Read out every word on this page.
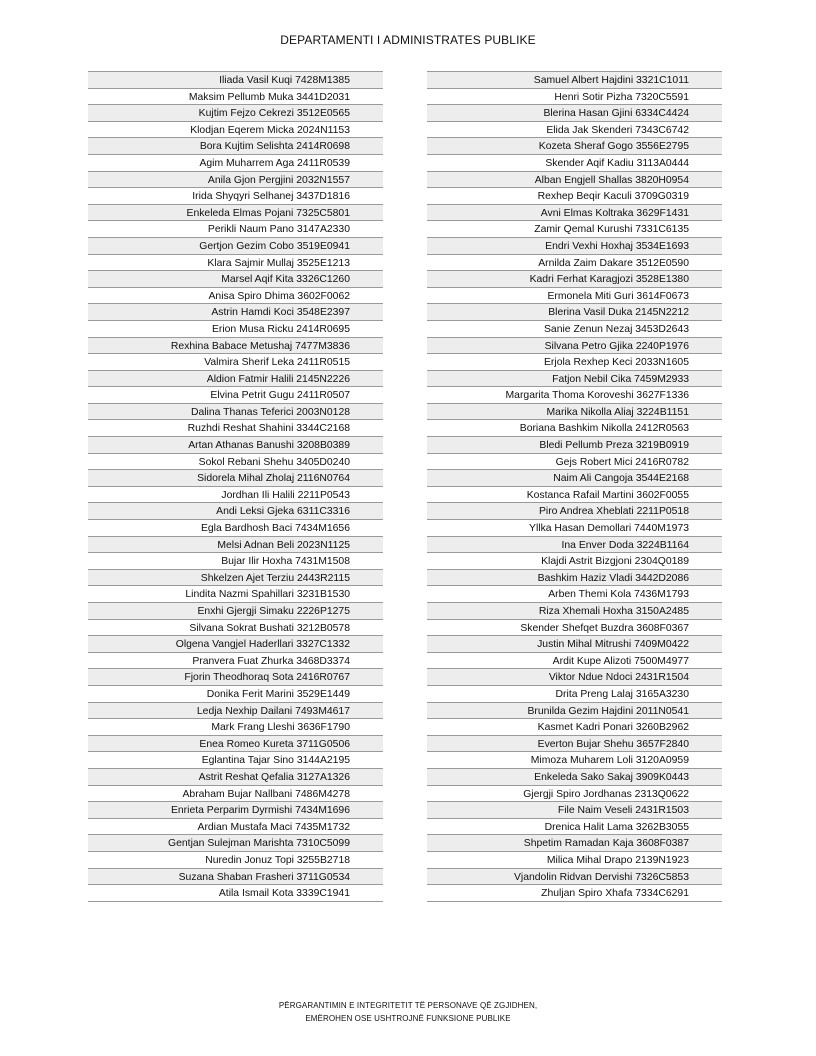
DEPARTAMENTI I ADMINISTRATES PUBLIKE
Iliada Vasil Kuqi 7428M1385
Maksim Pellumb Muka 3441D2031
Kujtim Fejzo Cekrezi 3512E0565
Klodjan Eqerem Micka 2024N1153
Bora Kujtim Selishta 2414R0698
Agim Muharrem Aga 2411R0539
Anila Gjon Pergjini 2032N1557
Irida Shyqyri Selhanej 3437D1816
Enkeleda Elmas Pojani 7325C5801
Perikli Naum Pano 3147A2330
Gertjon Gezim Cobo 3519E0941
Klara Sajmir Mullaj 3525E1213
Marsel Aqif Kita 3326C1260
Anisa Spiro Dhima 3602F0062
Astrin Hamdi Koci 3548E2397
Erion Musa Ricku 2414R0695
Rexhina Babace Metushaj 7477M3836
Valmira Sherif Leka 2411R0515
Aldion Fatmir Halili 2145N2226
Elvina Petrit Gugu 2411R0507
Dalina Thanas Teferici 2003N0128
Ruzhdi Reshat Shahini 3344C2168
Artan Athanas Banushi 3208B0389
Sokol Rebani Shehu 3405D0240
Sidorela Mihal Zholaj 2116N0764
Jordhan Ili Halili 2211P0543
Andi Leksi Gjeka 6311C3316
Egla Bardhosh Baci 7434M1656
Melsi Adnan Beli 2023N1125
Bujar Ilir Hoxha 7431M1508
Shkelzen Ajet Terziu 2443R2115
Lindita Nazmi Spahillari 3231B1530
Enxhi Gjergji Simaku 2226P1275
Silvana Sokrat Bushati 3212B0578
Olgena Vangjel Haderllari 3327C1332
Pranvera Fuat Zhurka 3468D3374
Fjorin Theodhoraq Sota 2416R0767
Donika Ferit Marini 3529E1449
Ledja Nexhip Dailani 7493M4617
Mark Frang Lleshi 3636F1790
Enea Romeo Kureta 3711G0506
Eglantina Tajar Sino 3144A2195
Astrit Reshat Qefalia 3127A1326
Abraham Bujar Nallbani 7486M4278
Enrieta Perparim Dyrmishi 7434M1696
Ardian Mustafa Maci 7435M1732
Gentjan Sulejman Marishta 7310C5099
Nuredin Jonuz Topi 3255B2718
Suzana Shaban Frasheri 3711G0534
Atila Ismail Kota 3339C1941
Samuel Albert Hajdini 3321C1011
Henri Sotir Pizha 7320C5591
Blerina Hasan Gjini 6334C4424
Elida Jak Skenderi 7343C6742
Kozeta Sheraf Gogo 3556E2795
Skender Aqif Kadiu 3113A0444
Alban Engjell Shallas 3820H0954
Rexhep Beqir Kaculi 3709G0319
Avni Elmas Koltraka 3629F1431
Zamir Qemal Kurushi 7331C6135
Endri Vexhi Hoxhaj 3534E1693
Arnilda Zaim Dakare 3512E0590
Kadri Ferhat Karagjozi 3528E1380
Ermonela Miti Guri 3614F0673
Blerina Vasil Duka 2145N2212
Sanie Zenun Nezaj 3453D2643
Silvana Petro Gjika 2240P1976
Erjola Rexhep Keci 2033N1605
Fatjon Nebil Cika 7459M2933
Margarita Thoma Koroveshi 3627F1336
Marika Nikolla Aliaj 3224B1151
Boriana Bashkim Nikolla 2412R0563
Bledi Pellumb Preza 3219B0919
Gejs Robert Mici 2416R0782
Naim Ali Cangoja 3544E2168
Kostanca Rafail Martini 3602F0055
Piro Andrea Xheblati 2211P0518
Yllka Hasan Demollari 7440M1973
Ina Enver Doda 3224B1164
Klajdi Astrit Bizgjoni 2304Q0189
Bashkim Haziz Vladi 3442D2086
Arben Themi Kola 7436M1793
Riza Xhemali Hoxha 3150A2485
Skender Shefqet Buzdra 3608F0367
Justin Mihal Mitrushi 7409M0422
Ardit Kupe Alizoti 7500M4977
Viktor Ndue Ndoci 2431R1504
Drita Preng Lalaj 3165A3230
Brunilda Gezim Hajdini 2011N0541
Kasmet Kadri Ponari 3260B2962
Everton Bujar Shehu 3657F2840
Mimoza Muharem Loli 3120A0959
Enkeleda Sako Sakaj 3909K0443
Gjergji Spiro Jordhanas 2313Q0622
File Naim Veseli 2431R1503
Drenica Halit Lama 3262B3055
Shpetim Ramadan Kaja 3608F0387
Milica Mihal Drapo 2139N1923
Vjandolin Ridvan Dervishi 7326C5853
Zhuljan Spiro Xhafa 7334C6291
PËRGARANTIMIN E INTEGRITETIT TË PERSONAVE QË ZGJIDHEN,
EMËROHEN OSE USHTROJNË FUNKSIONE PUBLIKE
